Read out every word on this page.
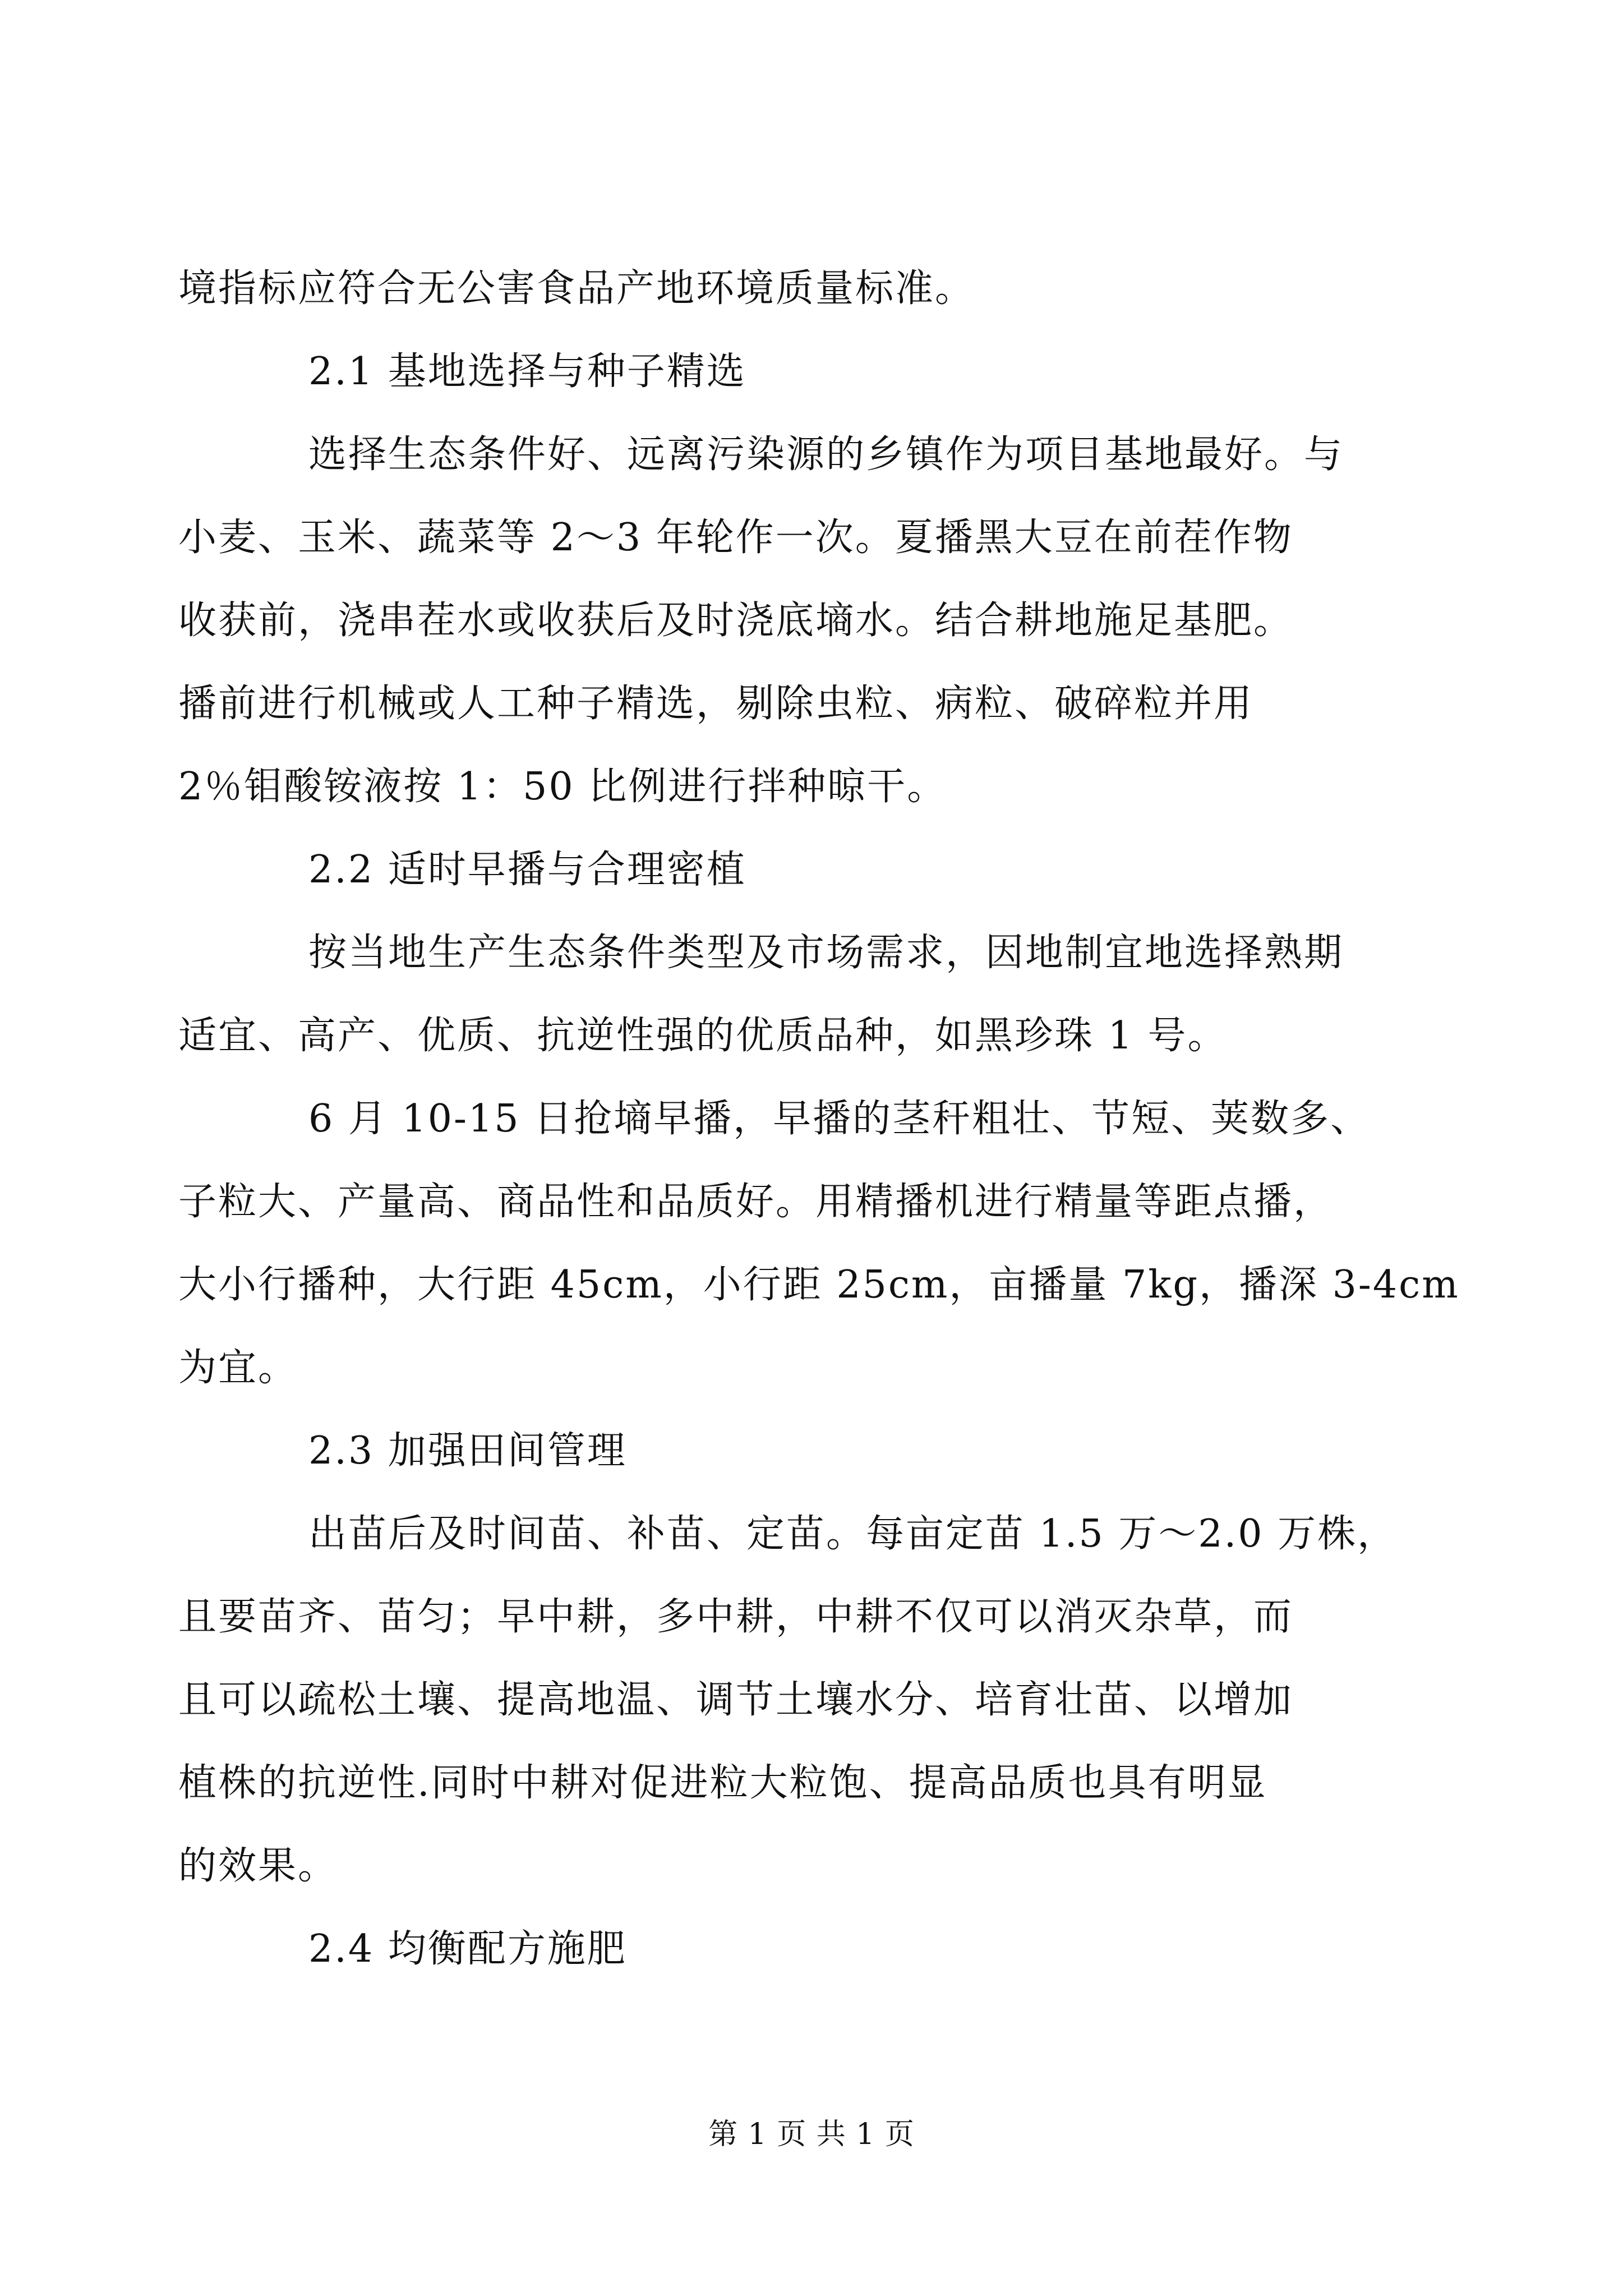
境指标应符合无公害食品产地环境质量标准。
2.1 基地选择与种子精选
选择生态条件好、远离污染源的乡镇作为项目基地最好。与
小麦、玉米、蔬菜等 2～3 年轮作一次。夏播黑大豆在前茬作物
收获前，浇串茬水或收获后及时浇底墒水。结合耕地施足基肥。
播前进行机械或人工种子精选，剔除虫粒、病粒、破碎粒并用
2％钼酸铵液按 1：50 比例进行拌种晾干。
2.2 适时早播与合理密植
按当地生产生态条件类型及市场需求，因地制宜地选择熟期
适宜、高产、优质、抗逆性强的优质品种，如黑珍珠 1 号。
6 月 10-15 日抢墒早播，早播的茎秆粗壮、节短、荚数多、
子粒大、产量高、商品性和品质好。用精播机进行精量等距点播，
大小行播种，大行距 45cm，小行距 25cm，亩播量 7kg，播深 3-4cm
为宜。
2.3 加强田间管理
出苗后及时间苗、补苗、定苗。每亩定苗 1.5 万～2.0 万株，
且要苗齐、苗匀；早中耕，多中耕，中耕不仅可以消灭杂草，而
且可以疏松土壤、提高地温、调节土壤水分、培育壮苗、以增加
植株的抗逆性.同时中耕对促进粒大粒饱、提高品质也具有明显
的效果。
2.4 均衡配方施肥
第 1 页 共 1 页
